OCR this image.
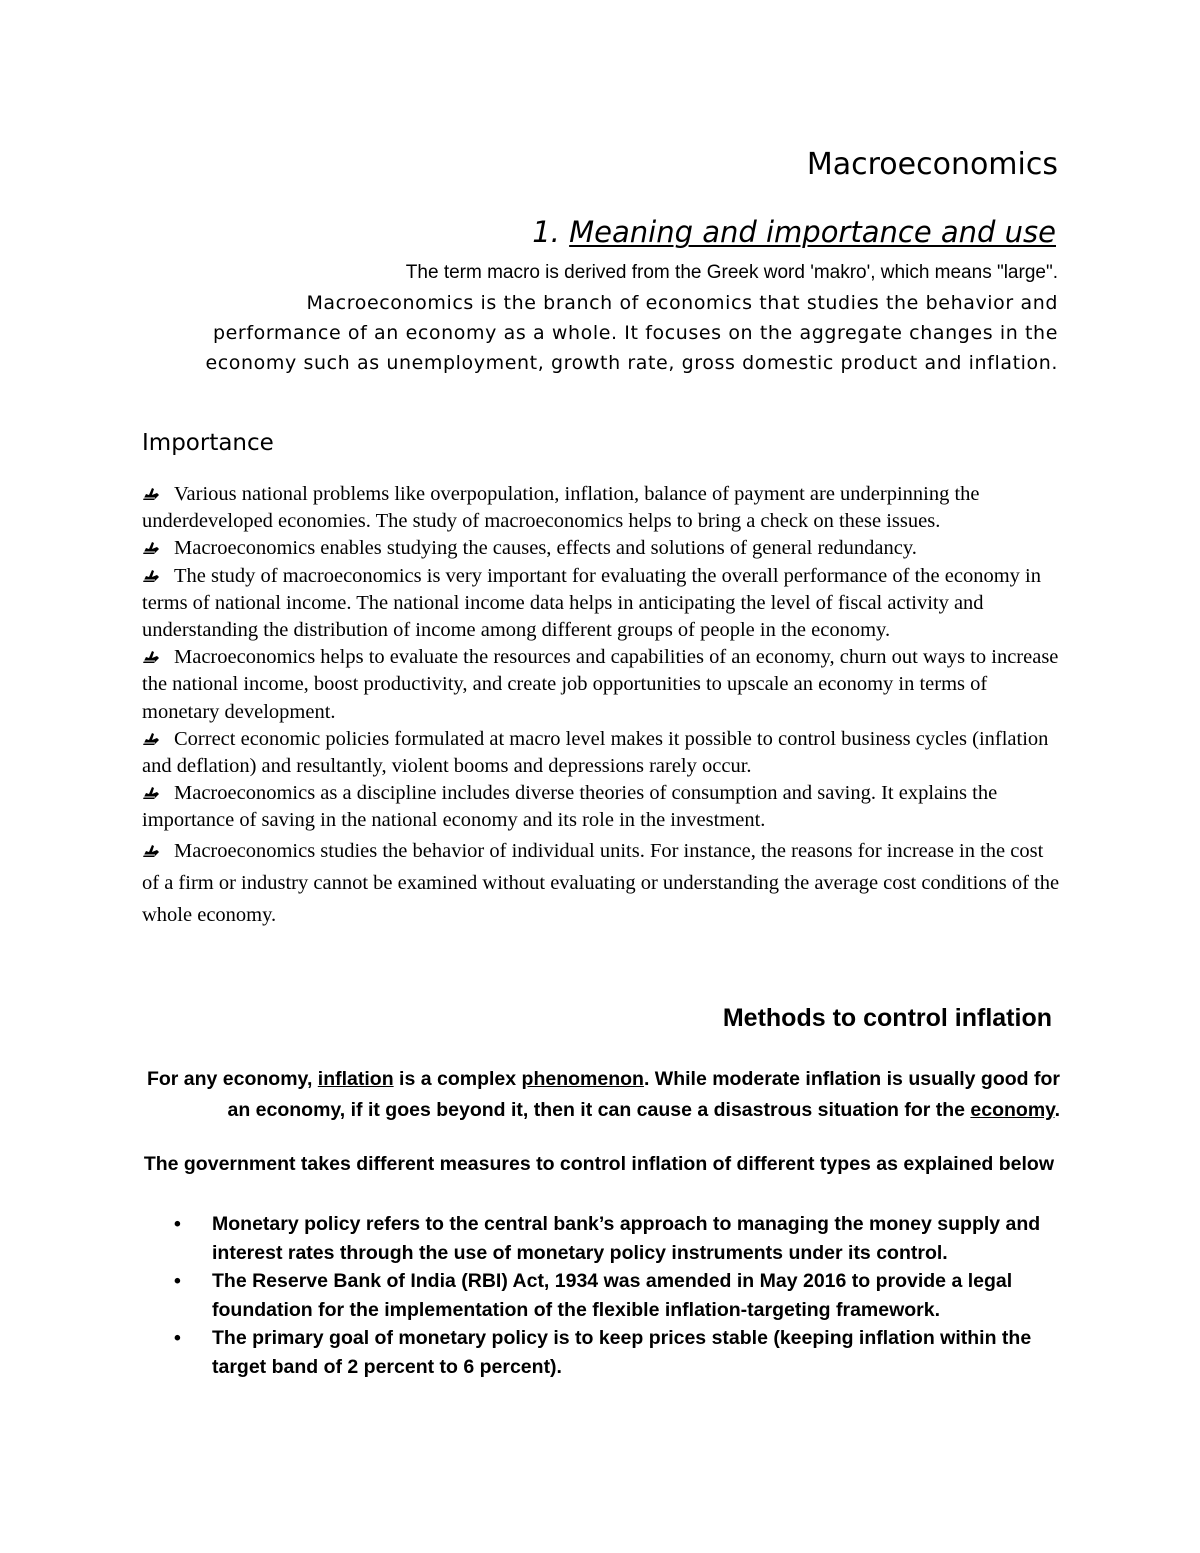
Macroeconomics
1. Meaning and importance and use
The term macro is derived from the Greek word 'makro', which means "large".
Macroeconomics is the branch of economics that studies the behavior and performance of an economy as a whole. It focuses on the aggregate changes in the economy such as unemployment, growth rate, gross domestic product and inflation.
Importance
Various national problems like overpopulation, inflation, balance of payment are underpinning the underdeveloped economies. The study of macroeconomics helps to bring a check on these issues.
Macroeconomics enables studying the causes, effects and solutions of general redundancy.
The study of macroeconomics is very important for evaluating the overall performance of the economy in terms of national income. The national income data helps in anticipating the level of fiscal activity and understanding the distribution of income among different groups of people in the economy.
Macroeconomics helps to evaluate the resources and capabilities of an economy, churn out ways to increase the national income, boost productivity, and create job opportunities to upscale an economy in terms of monetary development.
Correct economic policies formulated at macro level makes it possible to control business cycles (inflation and deflation) and resultantly, violent booms and depressions rarely occur.
Macroeconomics as a discipline includes diverse theories of consumption and saving. It explains the importance of saving in the national economy and its role in the investment.
Macroeconomics studies the behavior of individual units. For instance, the reasons for increase in the cost of a firm or industry cannot be examined without evaluating or understanding the average cost conditions of the whole economy.
Methods to control inflation
For any economy, inflation is a complex phenomenon. While moderate inflation is usually good for an economy, if it goes beyond it, then it can cause a disastrous situation for the economy.
The government takes different measures to control inflation of different types as explained below
• Monetary policy refers to the central bank’s approach to managing the money supply and interest rates through the use of monetary policy instruments under its control.
• The Reserve Bank of India (RBI) Act, 1934 was amended in May 2016 to provide a legal foundation for the implementation of the flexible inflation-targeting framework.
• The primary goal of monetary policy is to keep prices stable (keeping inflation within the target band of 2 percent to 6 percent).
